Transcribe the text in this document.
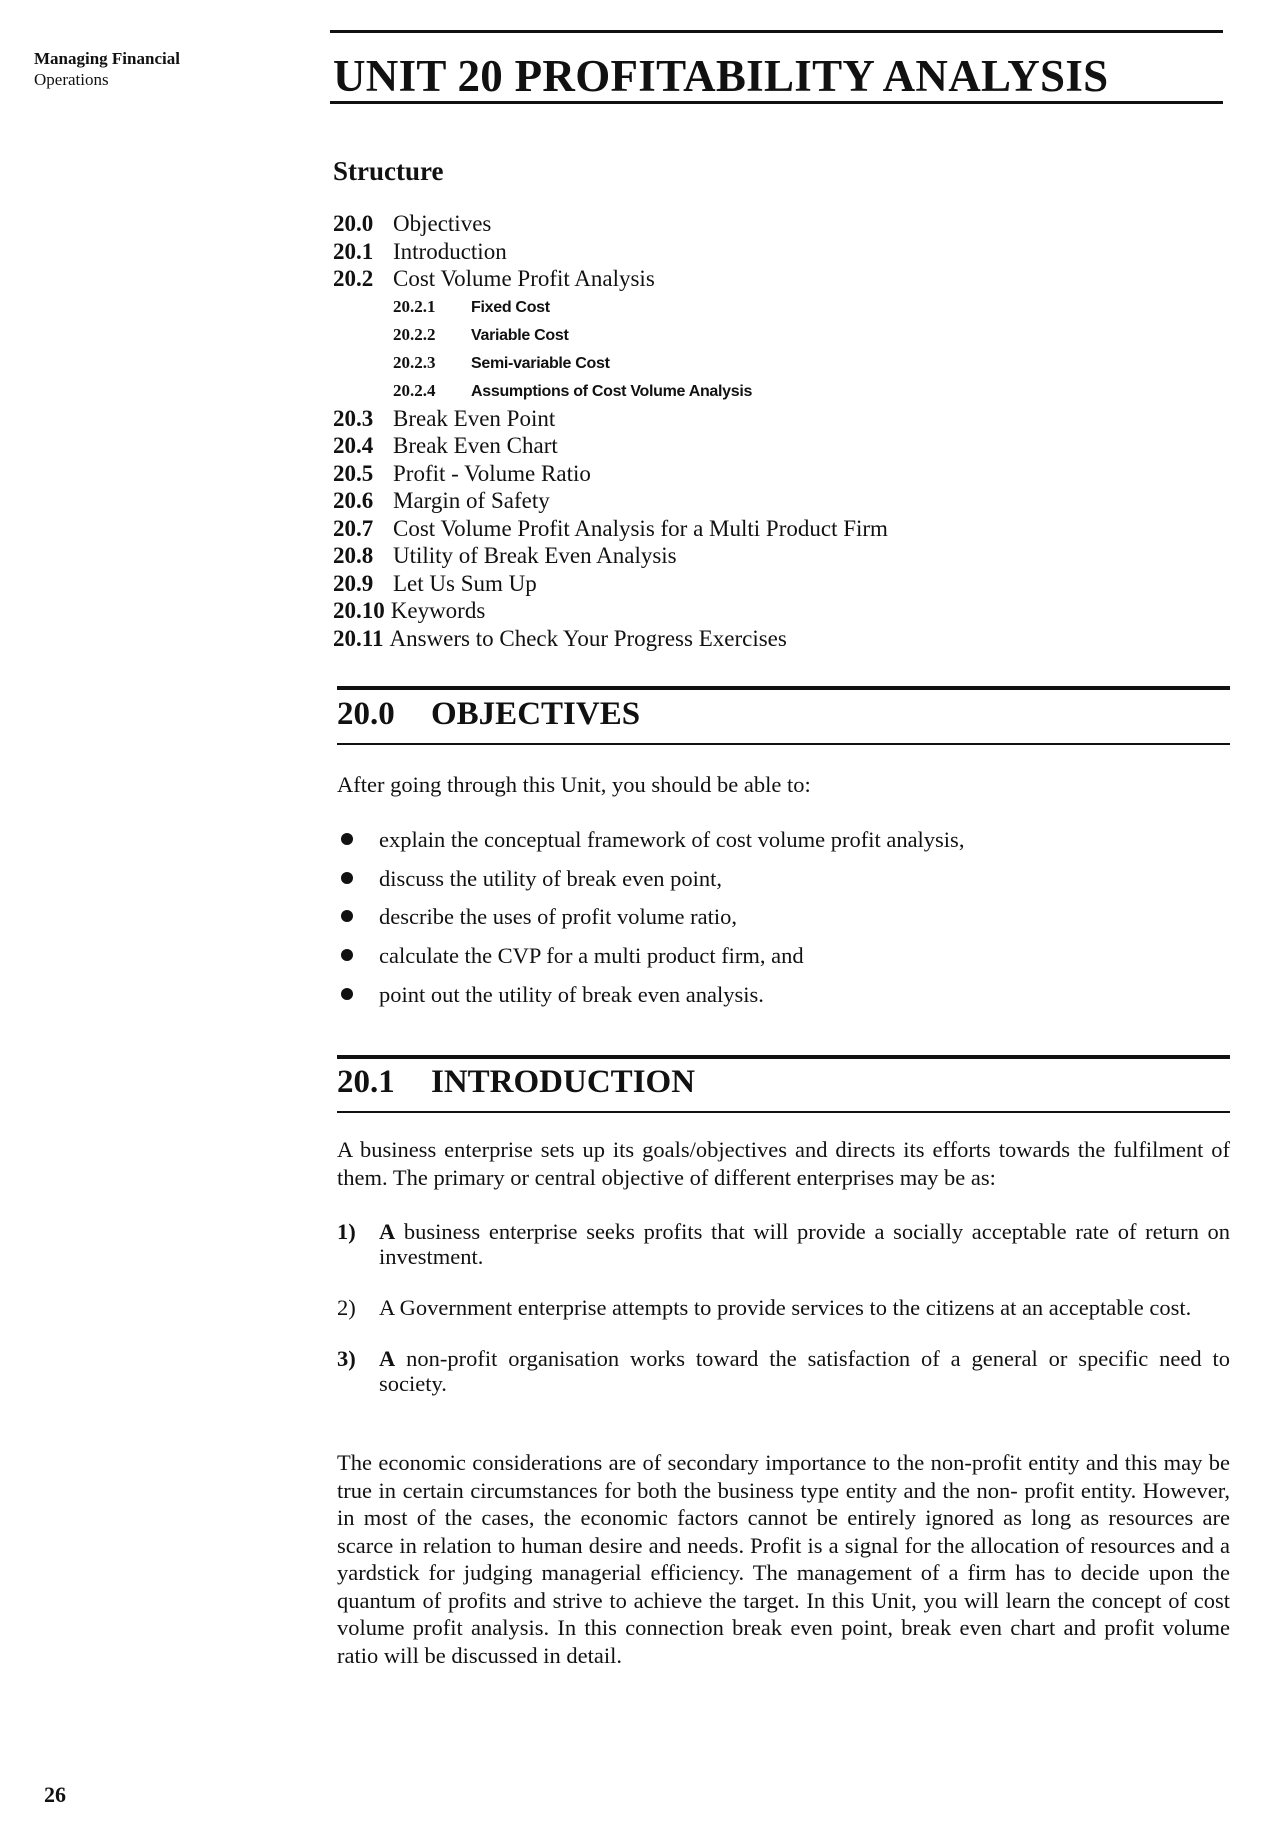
Managing Financial
Operations	UNIT 20 PROFITABILITY ANALYSIS
Structure
20.0 Objectives
20.1 Introduction
20.2 Cost Volume Profit Analysis
20.2.1 Fixed Cost
20.2.2 Variable Cost
20.2.3 Semi-variable Cost
20.2.4 Assumptions of Cost Volume Analysis
20.3 Break Even Point
20.4 Break Even Chart
20.5 Profit - Volume Ratio
20.6 Margin of Safety
20.7 Cost Volume Profit Analysis for a Multi Product Firm
20.8 Utility of Break Even Analysis
20.9 Let Us Sum Up
20.10 Keywords
20.11 Answers to Check Your Progress Exercises
20.0 OBJECTIVES
After going through this Unit, you should be able to:
explain the conceptual framework of cost volume profit analysis,
discuss the utility of break even point,
describe the uses of profit volume ratio,
calculate the CVP for a multi product firm, and
point out the utility of break even analysis.
20.1 INTRODUCTION
A business enterprise sets up its goals/objectives and directs its efforts towards the fulfilment of them. The primary or central objective of different enterprises may be as:
1) A business enterprise seeks profits that will provide a socially acceptable rate of return on investment.
2) A Government enterprise attempts to provide services to the citizens at an acceptable cost.
3) A non-profit organisation works toward the satisfaction of a general or specific need to society.
The economic considerations are of secondary importance to the non-profit entity and this may be true in certain circumstances for both the business type entity and the non- profit entity. However, in most of the cases, the economic factors cannot be entirely ignored as long as resources are scarce in relation to human desire and needs. Profit is a signal for the allocation of resources and a yardstick for judging managerial efficiency. The management of a firm has to decide upon the quantum of profits and strive to achieve the target. In this Unit, you will learn the concept of cost volume profit analysis. In this connection break even point, break even chart and profit volume ratio will be discussed in detail.
26
